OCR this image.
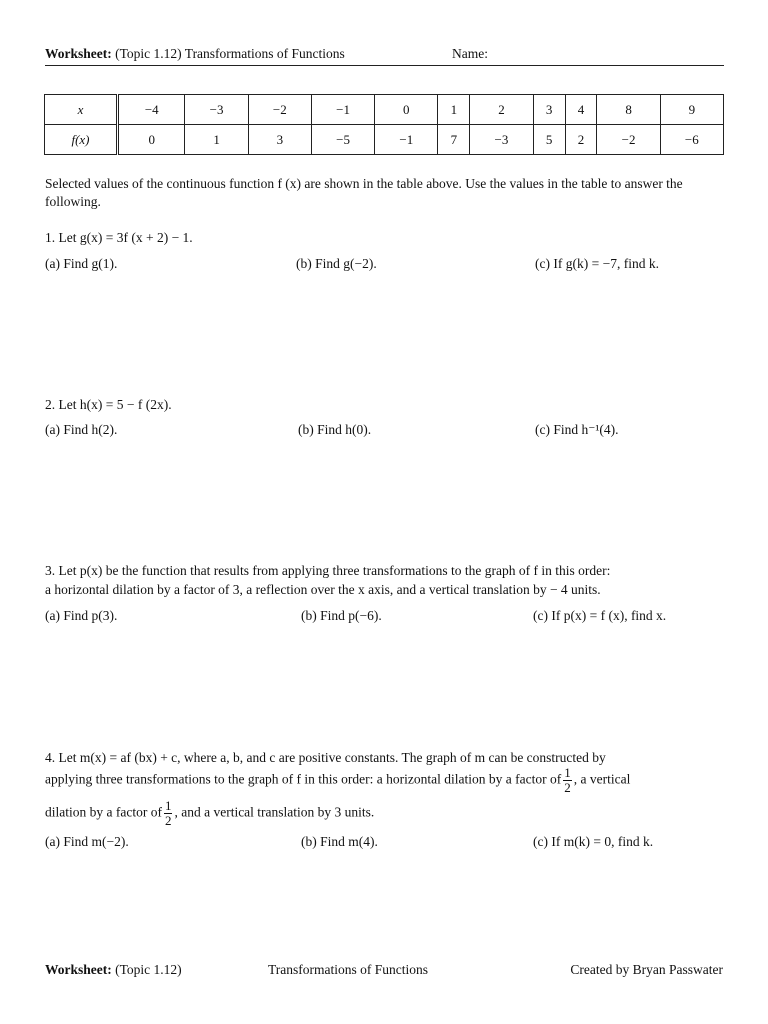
Worksheet: (Topic 1.12) Transformations of Functions	Name:
x	−4	−3	−2	−1	0	1	2	3	4	8	9
f(x)	0	1	3	−5	−1	7	−3	5	2	−2	−6
Selected values of the continuous function f (x) are shown in the table above. Use the values in the table to answer the
following.
1. Let g(x) = 3f (x + 2) − 1.
(a) Find g(1).	(b) Find g(−2).	(c) If g(k) = −7, find k.
2. Let h(x) = 5 − f (2x).
(a) Find h(2).	(b) Find h(0).	(c) Find h⁻¹(4).
3. Let p(x) be the function that results from applying three transformations to the graph of f in this order:
a horizontal dilation by a factor of 3, a reflection over the x axis, and a vertical translation by − 4 units.
(a) Find p(3).	(b) Find p(−6).	(c) If p(x) = f (x), find x.
4. Let m(x) = af (bx) + c, where a, b, and c are positive constants. The graph of m can be constructed by
applying three transformations to the graph of f in this order: a horizontal dilation by a factor of $\frac{1}{2}$ , a vertical
dilation by a factor of $\frac{1}{2}$ , and a vertical translation by 3 units.
(a) Find m(−2).	(b) Find m(4).	(c) If m(k) = 0, find k.
Worksheet: (Topic 1.12)	Transformations of Functions	Created by Bryan Passwater
